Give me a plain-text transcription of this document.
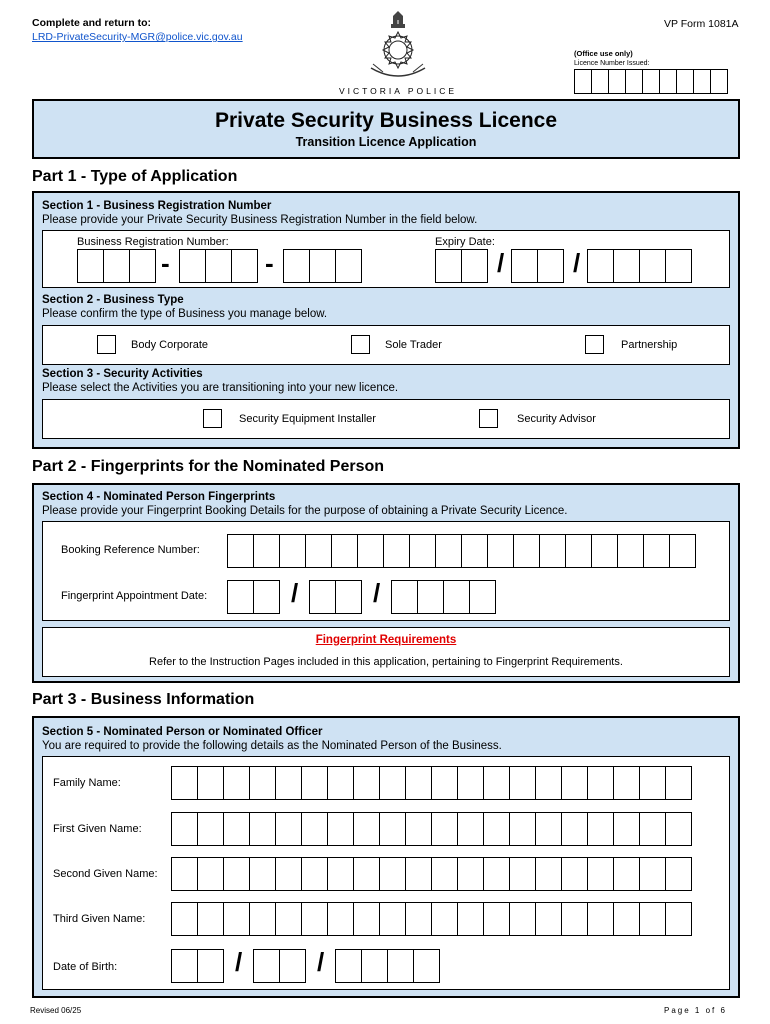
Complete and return to:
LRD-PrivateSecurity-MGR@police.vic.gov.au
VICTORIA POLICE
VP Form 1081A
(Office use only)
Licence Number Issued:
Private Security Business Licence
Transition Licence Application
Part 1 - Type of Application
Section 1 - Business Registration Number
Please provide your Private Security Business Registration Number in the field below.
Business Registration Number:	Expiry Date:
-	-	/	/
Section 2 - Business Type
Please confirm the type of Business you manage below.
Body Corporate	Sole Trader	Partnership
Section 3 - Security Activities
Please select the Activities you are transitioning into your new licence.
Security Equipment Installer	Security Advisor
Part 2 - Fingerprints for the Nominated Person
Section 4 - Nominated Person Fingerprints
Please provide your Fingerprint Booking Details for the purpose of obtaining a Private Security Licence.
Booking Reference Number:
Fingerprint Appointment Date:	/	/
Fingerprint Requirements
Refer to the Instruction Pages included in this application, pertaining to Fingerprint Requirements.
Part 3 - Business Information
Section 5 - Nominated Person or Nominated Officer
You are required to provide the following details as the Nominated Person of the Business.
Family Name:
First Given Name:
Second Given Name:
Third Given Name:
Date of Birth:	/	/
Revised 06/25	Page 1 of 6
